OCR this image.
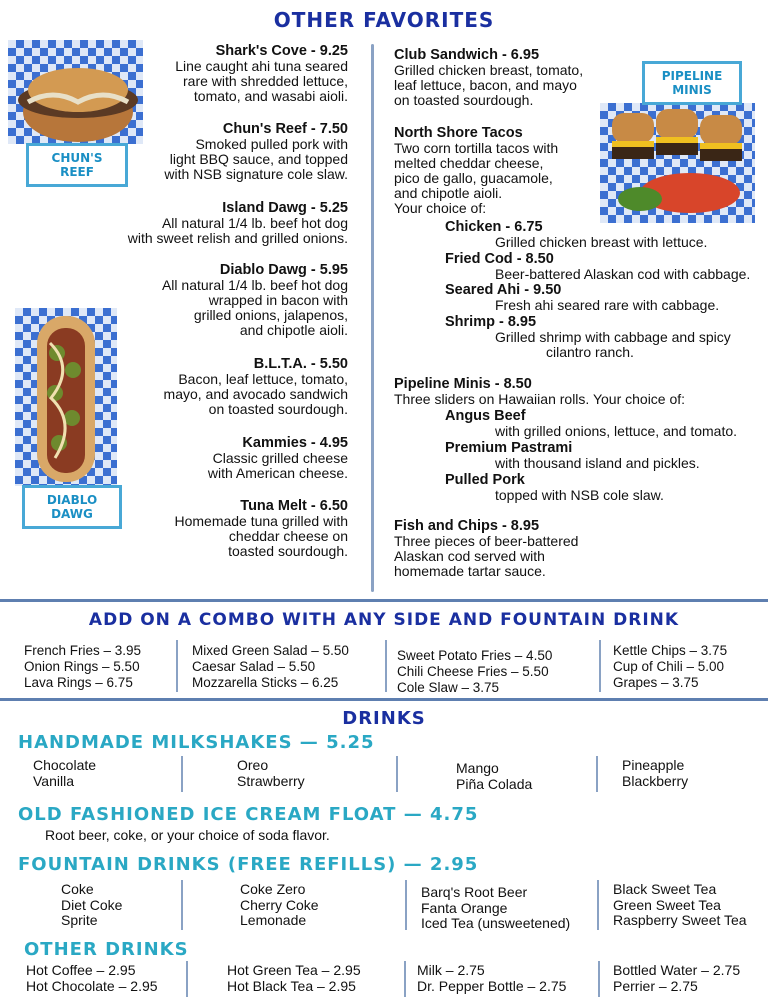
OTHER FAVORITES
CHUN'S REEF
DIABLO DAWG
PIPELINE MINIS
Shark's Cove - 9.25
Line caught ahi tuna seared
rare with shredded lettuce,
tomato, and wasabi aioli.
Chun's Reef - 7.50
Smoked pulled pork with
light BBQ sauce, and topped
with NSB signature cole slaw.
Island Dawg - 5.25
All natural 1/4 lb. beef hot dog
with sweet relish and grilled onions.
Diablo Dawg - 5.95
All natural 1/4 lb. beef hot dog
wrapped in bacon with
grilled onions, jalapenos,
and chipotle aioli.
B.L.T.A. - 5.50
Bacon, leaf lettuce, tomato,
mayo, and avocado sandwich
on toasted sourdough.
Kammies - 4.95
Classic grilled cheese
with American cheese.
Tuna Melt - 6.50
Homemade tuna grilled with
cheddar cheese on
toasted sourdough.
Club Sandwich - 6.95
Grilled chicken breast, tomato,
leaf lettuce, bacon, and mayo
on toasted sourdough.
North Shore Tacos
Two corn tortilla tacos with
melted cheddar cheese,
pico de gallo, guacamole,
and chipotle aioli.
Your choice of:
Chicken - 6.75
Grilled chicken breast with lettuce.
Fried Cod - 8.50
Beer-battered Alaskan cod with cabbage.
Seared Ahi - 9.50
Fresh ahi seared rare with cabbage.
Shrimp - 8.95
Grilled shrimp with cabbage and spicy
cilantro ranch.
Pipeline Minis - 8.50
Three sliders on Hawaiian rolls. Your choice of:
Angus Beef
with grilled onions, lettuce, and tomato.
Premium Pastrami
with thousand island and pickles.
Pulled Pork
topped with NSB cole slaw.
Fish and Chips - 8.95
Three pieces of beer-battered
Alaskan cod served with
homemade tartar sauce.
ADD ON A COMBO WITH ANY SIDE AND FOUNTAIN DRINK
French Fries – 3.95
Onion Rings – 5.50
Lava Rings – 6.75
Mixed Green Salad – 5.50
Caesar Salad – 5.50
Mozzarella Sticks – 6.25
Sweet Potato Fries – 4.50
Chili Cheese Fries – 5.50
Cole Slaw – 3.75
Kettle Chips – 3.75
Cup of Chili – 5.00
Grapes – 3.75
DRINKS
HANDMADE MILKSHAKES — 5.25
Chocolate
Vanilla
Oreo
Strawberry
Mango
Piña Colada
Pineapple
Blackberry
OLD FASHIONED ICE CREAM FLOAT — 4.75
Root beer, coke, or your choice of soda flavor.
FOUNTAIN DRINKS (FREE REFILLS) — 2.95
Coke
Diet Coke
Sprite
Coke Zero
Cherry Coke
Lemonade
Barq's Root Beer
Fanta Orange
Iced Tea (unsweetened)
Black Sweet Tea
Green Sweet Tea
Raspberry Sweet Tea
OTHER DRINKS
Hot Coffee – 2.95
Hot Chocolate – 2.95
Hot Green Tea – 2.95
Hot Black Tea – 2.95
Milk – 2.75
Dr. Pepper Bottle – 2.75
Bottled Water – 2.75
Perrier – 2.75
